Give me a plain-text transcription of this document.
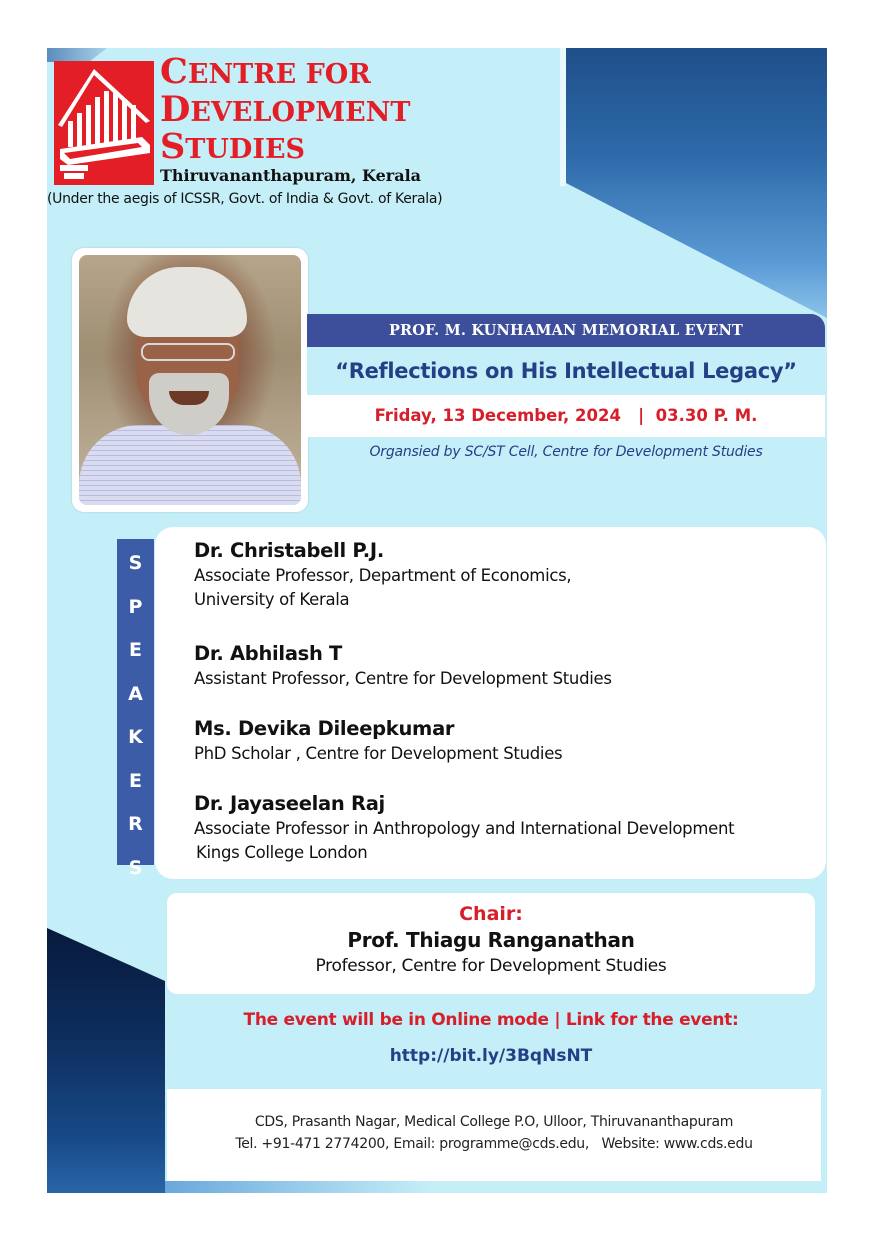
CENTRE FOR
DEVELOPMENT
STUDIES
Thiruvananthapuram, Kerala
(Under the aegis of ICSSR, Govt. of India & Govt. of Kerala)
PROF. M. KUNHAMAN MEMORIAL EVENT
“Reflections on His Intellectual Legacy”
Friday, 13 December, 2024   |  03.30 P. M.
Organsied by SC/ST Cell, Centre for Development Studies
S
P
E
A
K
E
R
S
Dr. Christabell P.J.
Associate Professor, Department of Economics,
University of Kerala
Dr. Abhilash T
Assistant Professor, Centre for Development Studies
Ms. Devika Dileepkumar
PhD Scholar , Centre for Development Studies
Dr. Jayaseelan Raj
Associate Professor in Anthropology and International Development
Kings College London
Chair:
Prof. Thiagu Ranganathan
Professor, Centre for Development Studies
The event will be in Online mode | Link for the event:
http://bit.ly/3BqNsNT
CDS, Prasanth Nagar, Medical College P.O, Ulloor, Thiruvananthapuram
Tel. +91-471 2774200, Email: programme@cds.edu,   Website: www.cds.edu
